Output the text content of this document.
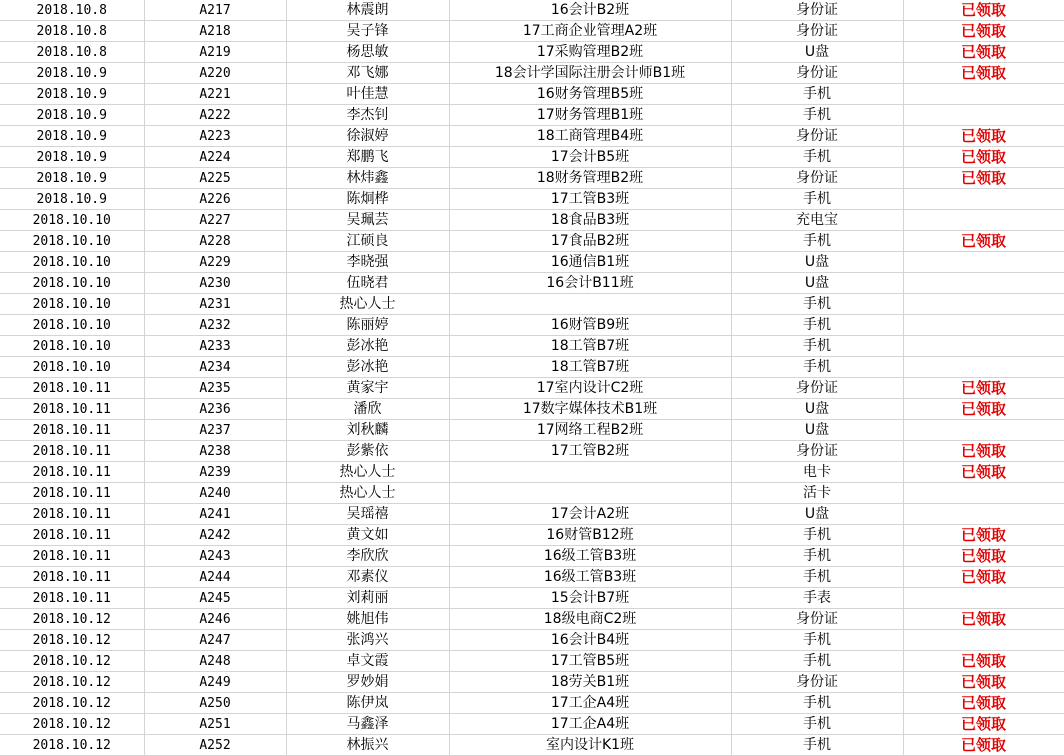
2018.10.8	A217	林震朗	16会计B2班	身份证	已领取
2018.10.8	A218	吴子锋	17工商企业管理A2班	身份证	已领取
2018.10.8	A219	杨思敏	17采购管理B2班	U盘	已领取
2018.10.9	A220	邓飞娜	18会计学国际注册会计师B1班	身份证	已领取
2018.10.9	A221	叶佳慧	16财务管理B5班	手机	
2018.10.9	A222	李杰钊	17财务管理B1班	手机	
2018.10.9	A223	徐淑婷	18工商管理B4班	身份证	已领取
2018.10.9	A224	郑鹏飞	17会计B5班	手机	已领取
2018.10.9	A225	林炜鑫	18财务管理B2班	身份证	已领取
2018.10.9	A226	陈炯桦	17工管B3班	手机	
2018.10.10	A227	吴珮芸	18食品B3班	充电宝	
2018.10.10	A228	江硕良	17食品B2班	手机	已领取
2018.10.10	A229	李晓强	16通信B1班	U盘	
2018.10.10	A230	伍晓君	16会计B11班	U盘	
2018.10.10	A231	热心人士		手机	
2018.10.10	A232	陈丽婷	16财管B9班	手机	
2018.10.10	A233	彭冰艳	18工管B7班	手机	
2018.10.10	A234	彭冰艳	18工管B7班	手机	
2018.10.11	A235	黄家宇	17室内设计C2班	身份证	已领取
2018.10.11	A236	潘欣	17数字媒体技术B1班	U盘	已领取
2018.10.11	A237	刘秋麟	17网络工程B2班	U盘	
2018.10.11	A238	彭紫依	17工管B2班	身份证	已领取
2018.10.11	A239	热心人士		电卡	已领取
2018.10.11	A240	热心人士		活卡	
2018.10.11	A241	吴瑶禧	17会计A2班	U盘	
2018.10.11	A242	黄文如	16财管B12班	手机	已领取
2018.10.11	A243	李欣欣	16级工管B3班	手机	已领取
2018.10.11	A244	邓素仪	16级工管B3班	手机	已领取
2018.10.11	A245	刘莉丽	15会计B7班	手表	
2018.10.12	A246	姚旭伟	18级电商C2班	身份证	已领取
2018.10.12	A247	张鸿兴	16会计B4班	手机	
2018.10.12	A248	卓文霞	17工管B5班	手机	已领取
2018.10.12	A249	罗妙娟	18劳关B1班	身份证	已领取
2018.10.12	A250	陈伊岚	17工企A4班	手机	已领取
2018.10.12	A251	马鑫泽	17工企A4班	手机	已领取
2018.10.12	A252	林振兴	室内设计K1班	手机	已领取
